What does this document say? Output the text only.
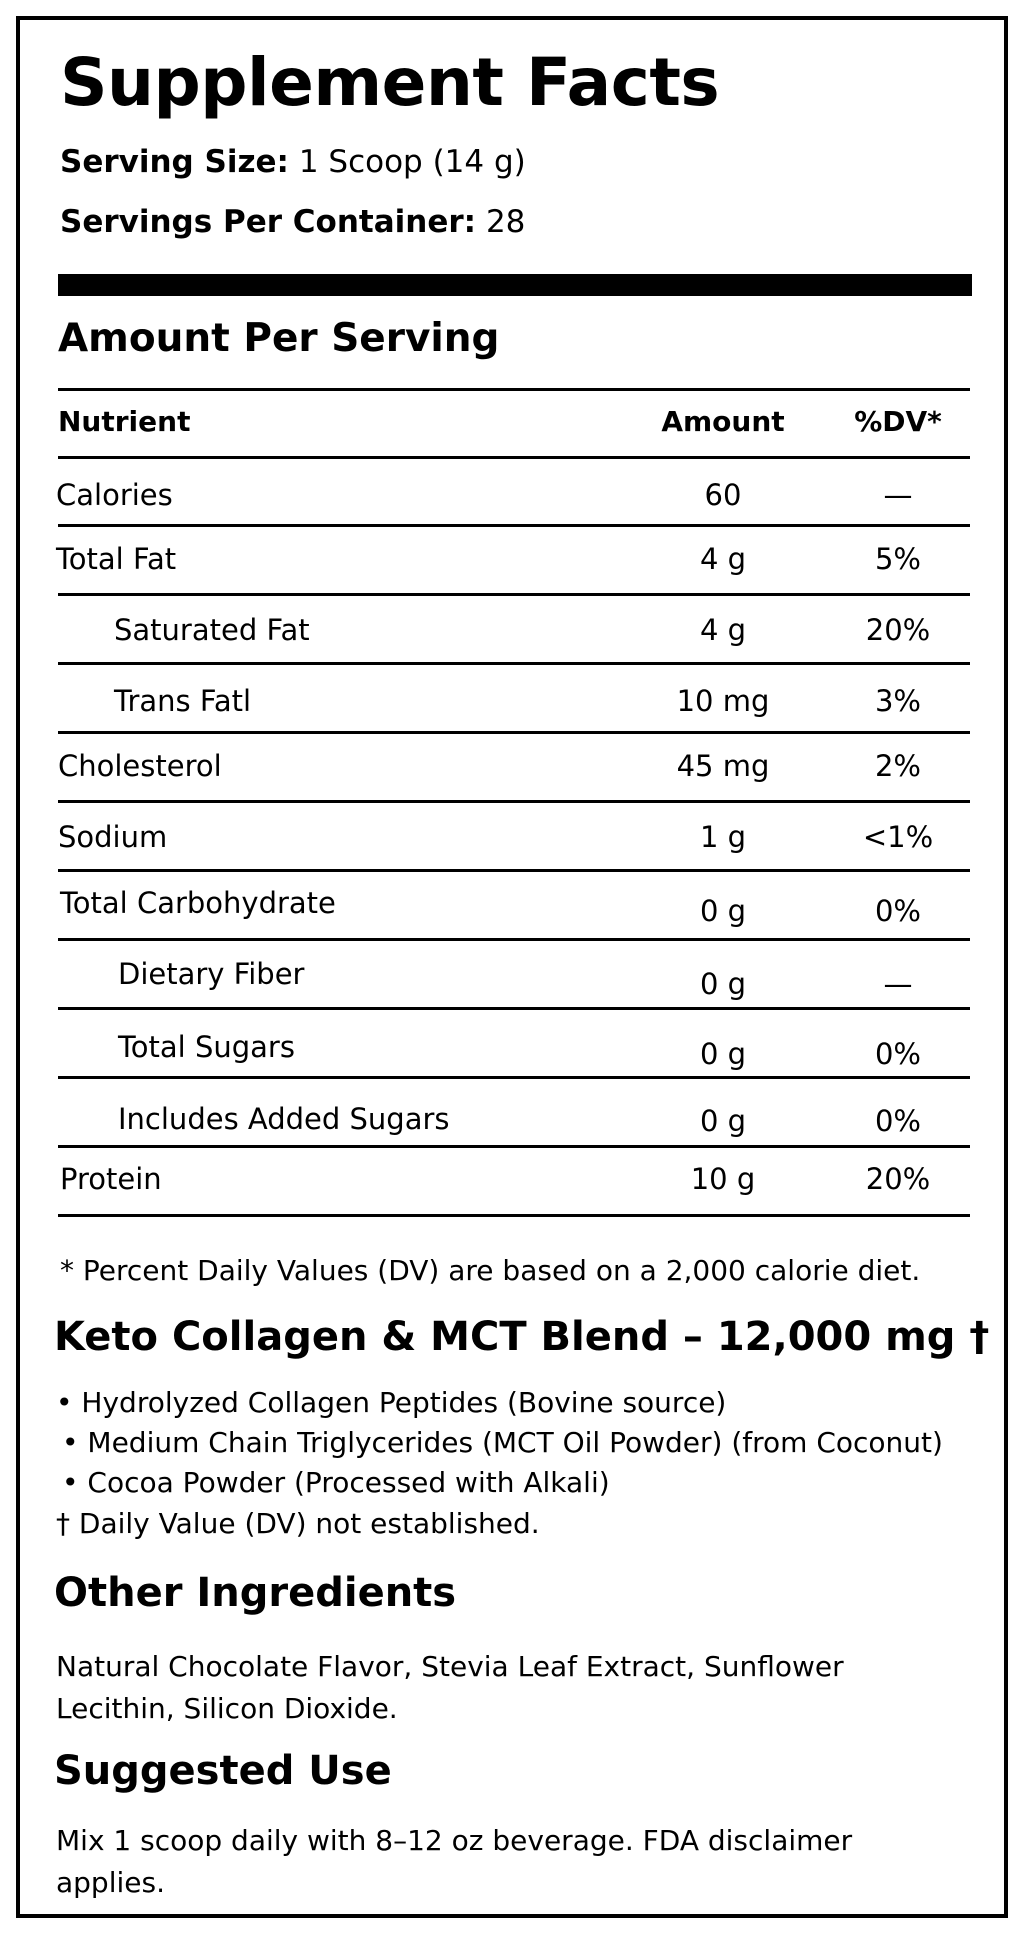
Supplement Facts
Serving Size: 1 Scoop (14 g)
Servings Per Container: 28
Amount Per Serving
Nutrient	Amount	%DV*
Calories	60	—
Total Fat	4 g	5%
Saturated Fat	4 g	20%
Trans Fatl	10 mg	3%
Cholesterol	45 mg	2%
Sodium	1 g	<1%
Total Carbohydrate	0 g	0%
Dietary Fiber	0 g	—
Total Sugars	0 g	0%
Includes Added Sugars	0 g	0%
Protein	10 g	20%
* Percent Daily Values (DV) are based on a 2,000 calorie diet.
Keto Collagen & MCT Blend – 12,000 mg †
• Hydrolyzed Collagen Peptides (Bovine source)
• Medium Chain Triglycerides (MCT Oil Powder) (from Coconut)
• Cocoa Powder (Processed with Alkali)
† Daily Value (DV) not established.
Other Ingredients
Natural Chocolate Flavor, Stevia Leaf Extract, Sunflower Lecithin, Silicon Dioxide.
Suggested Use
Mix 1 scoop daily with 8–12 oz beverage. FDA disclaimer applies.
